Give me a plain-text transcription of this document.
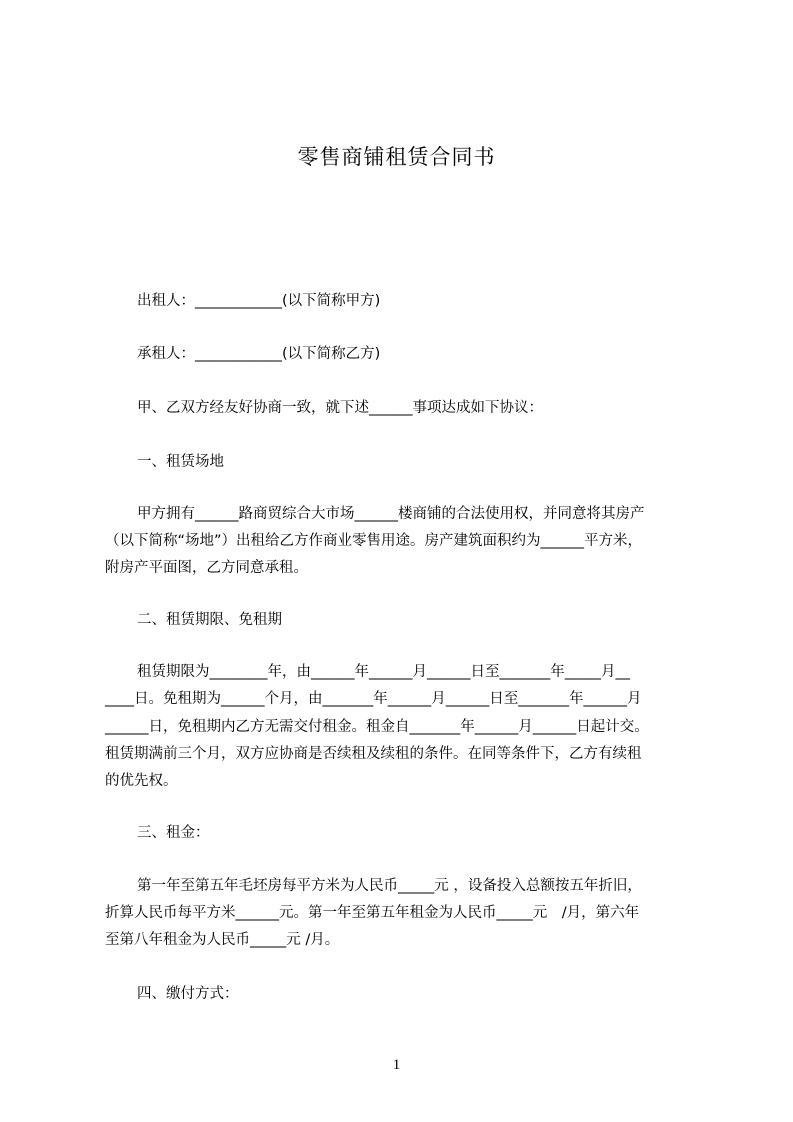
零售商铺租赁合同书

出租人：____________(以下简称甲方)

承租人：____________(以下简称乙方)

甲、乙双方经友好协商一致，就下述______事项达成如下协议：

一、租赁场地

甲方拥有______路商贸综合大市场______楼商铺的合法使用权，并同意将其房产

（以下简称“场地”）出租给乙方作商业零售用途。房产建筑面积约为______平方米，

附房产平面图，乙方同意承租。

二、租赁期限、免租期

租赁期限为________年，由______年______月______日至_______年_____月__

____日。免租期为______个月，由_______年______月______日至_______年______月

______日，免租期内乙方无需交付租金。租金自_______年______月______日起计交。

租赁期满前三个月，双方应协商是否续租及续租的条件。在同等条件下，乙方有续租

的优先权。

三、租金：

第一年至第五年毛坯房每平方米为人民币_____元 ，设备投入总额按五年折旧，

折算人民币每平方米______元。第一年至第五年租金为人民币_____元　/月，第六年

至第八年租金为人民币_____元 /月。

四、缴付方式：

1
